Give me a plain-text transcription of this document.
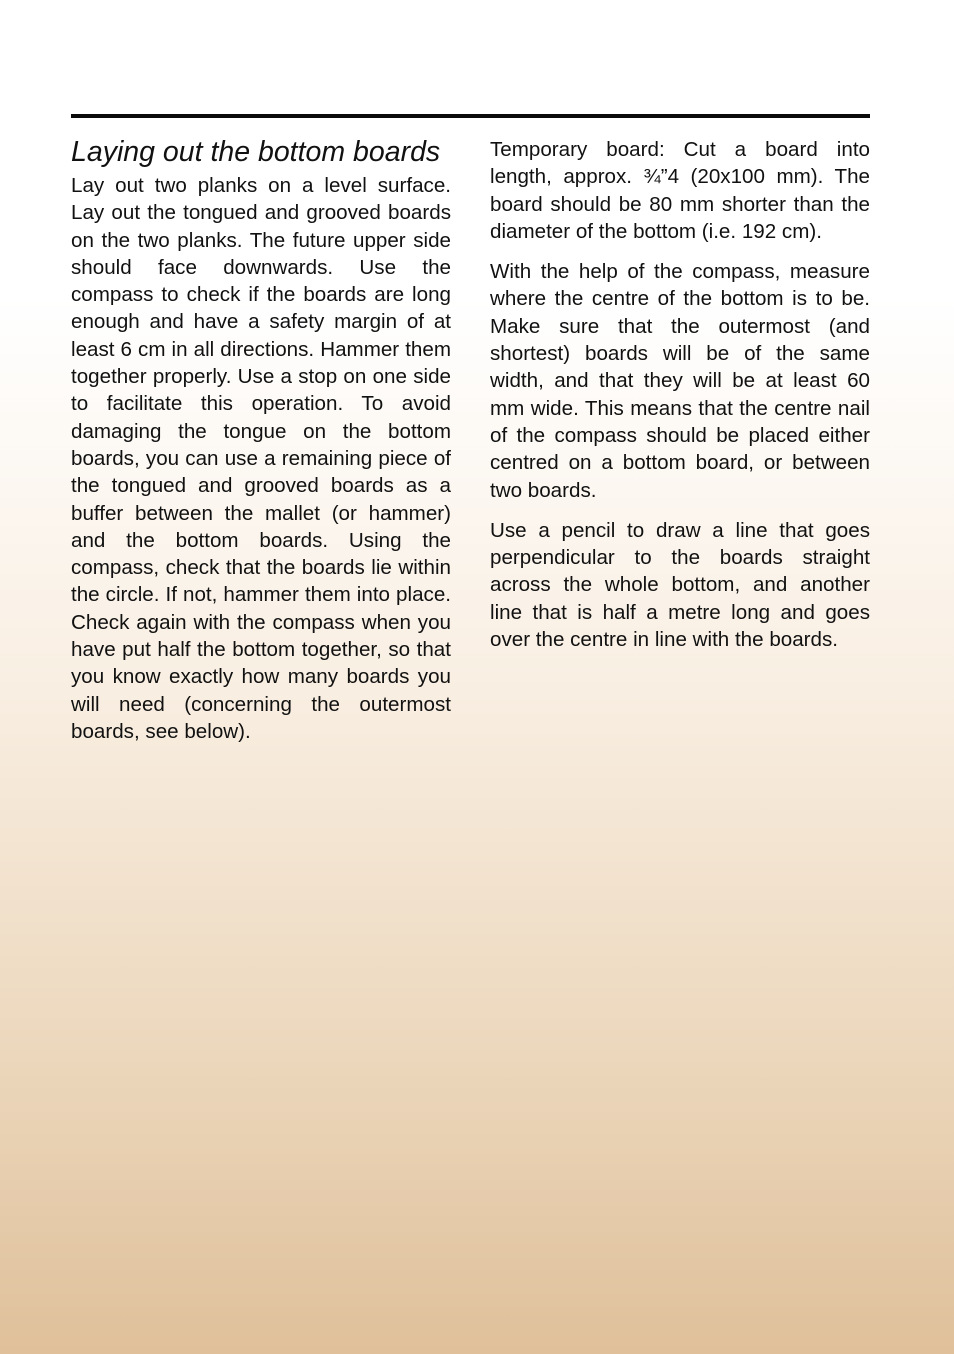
Laying out the bottom boards

Lay out two planks on a level surface. Lay out the tongued and grooved boards on the two planks. The future upper side should face downwards. Use the compass to check if the boards are long enough and have a safety margin of at least 6 cm in all directions. Hammer them together properly. Use a stop on one side to facilitate this operation. To avoid damaging the tongue on the bottom boards, you can use a remaining piece of the tongued and grooved boards as a buffer between the mallet (or hammer) and the bottom boards. Using the compass, check that the boards lie within the circle. If not, hammer them into place. Check again with the compass when you have put half the bottom together, so that you know exactly how many boards you will need (concerning the outermost boards, see below).

Temporary board: Cut a board into length, approx. ¾”4 (20x100 mm). The board should be 80 mm shorter than the diameter of the bottom (i.e. 192 cm).

With the help of the compass, measure where the centre of the bottom is to be. Make sure that the outermost (and shortest) boards will be of the same width, and that they will be at least 60 mm wide. This means that the centre nail of the compass should be placed either centred on a bottom board, or between two boards.

Use a pencil to draw a line that goes perpendicular to the boards straight across the whole bottom, and another line that is half a metre long and goes over the centre in line with the boards.
